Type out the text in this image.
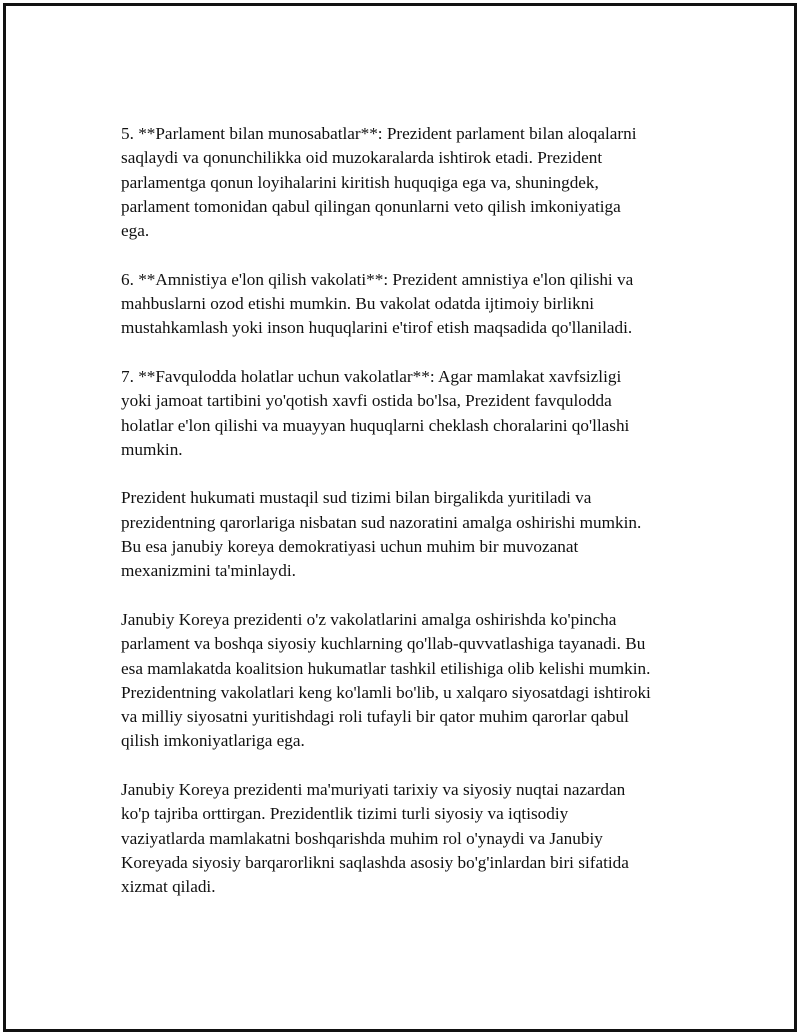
5. **Parlament bilan munosabatlar**: Prezident parlament bilan aloqalarni
saqlaydi va qonunchilikka oid muzokaralarda ishtirok etadi. Prezident
parlamentga qonun loyihalarini kiritish huquqiga ega va, shuningdek,
parlament tomonidan qabul qilingan qonunlarni veto qilish imkoniyatiga
ega.

6. **Amnistiya e'lon qilish vakolati**: Prezident amnistiya e'lon qilishi va
mahbuslarni ozod etishi mumkin. Bu vakolat odatda ijtimoiy birlikni
mustahkamlash yoki inson huquqlarini e'tirof etish maqsadida qo'llaniladi.

7. **Favqulodda holatlar uchun vakolatlar**: Agar mamlakat xavfsizligi
yoki jamoat tartibini yo'qotish xavfi ostida bo'lsa, Prezident favqulodda
holatlar e'lon qilishi va muayyan huquqlarni cheklash choralarini qo'llashi
mumkin.

Prezident hukumati mustaqil sud tizimi bilan birgalikda yuritiladi va
prezidentning qarorlariga nisbatan sud nazoratini amalga oshirishi mumkin.
Bu esa janubiy koreya demokratiyasi uchun muhim bir muvozanat
mexanizmini ta'minlaydi.

Janubiy Koreya prezidenti o'z vakolatlarini amalga oshirishda ko'pincha
parlament va boshqa siyosiy kuchlarning qo'llab-quvvatlashiga tayanadi. Bu
esa mamlakatda koalitsion hukumatlar tashkil etilishiga olib kelishi mumkin.
Prezidentning vakolatlari keng ko'lamli bo'lib, u xalqaro siyosatdagi ishtiroki
va milliy siyosatni yuritishdagi roli tufayli bir qator muhim qarorlar qabul
qilish imkoniyatlariga ega.

Janubiy Koreya prezidenti ma'muriyati tarixiy va siyosiy nuqtai nazardan
ko'p tajriba orttirgan. Prezidentlik tizimi turli siyosiy va iqtisodiy
vaziyatlarda mamlakatni boshqarishda muhim rol o'ynaydi va Janubiy
Koreyada siyosiy barqarorlikni saqlashda asosiy bo'g'inlardan biri sifatida
xizmat qiladi.
